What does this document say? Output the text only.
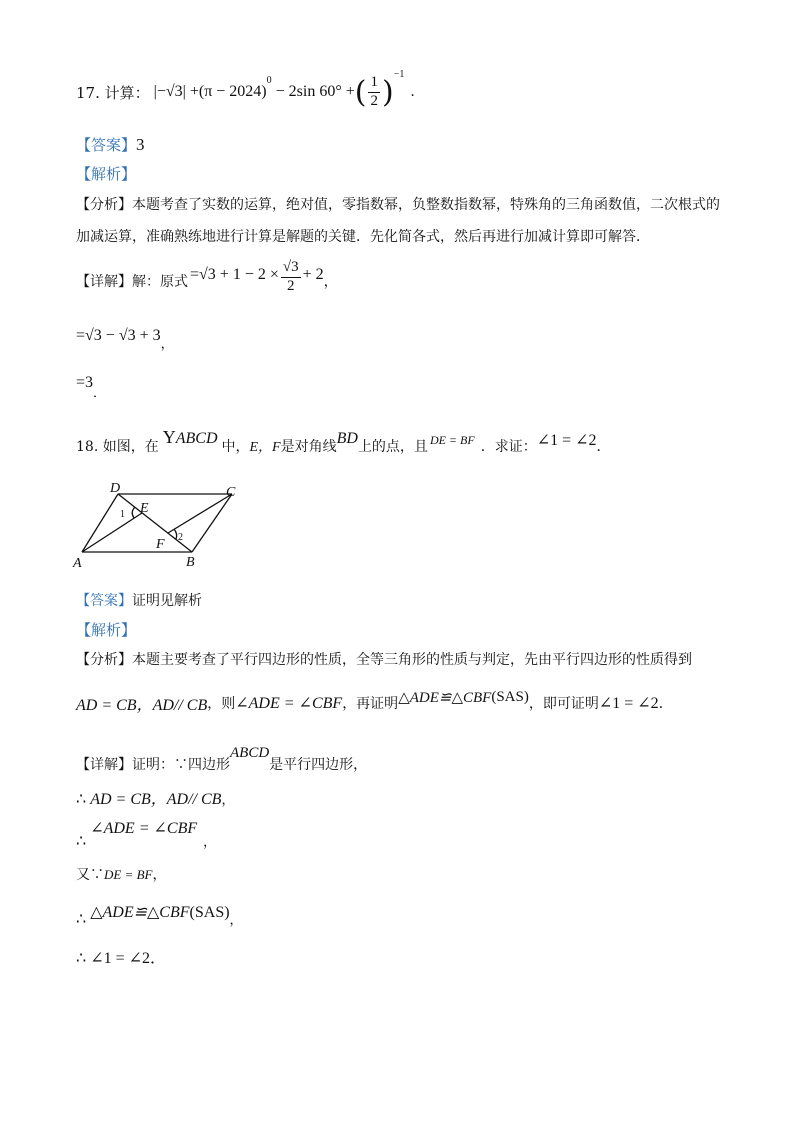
17. 计算： |−√3| +(π − 2024)
0
− 2sin 60° + ( $\frac{1}{2}$ )
−1
.
【答案】3
【解析】
【分析】本题考查了实数的运算，绝对值，零指数幂，负整数指数幂，特殊角的三角函数值，二次根式的
加减运算，准确熟练地进行计算是解题的关键．先化简各式，然后再进行加减计算即可解答．
【详解】 解：原式 $=√3 + 1 - 2 \times \frac{√3}{2} + 2$ ，
$=√3 - √3 + 3_,$
$=3_.$
18. 如图，在 Y ABCD 中， E，F 是对角线 BD 上的点，且 DE = BF ．求证： ∠1 = ∠2 ．
D	C
A	B
E
F
1
2
【答案】证明见解析
【解析】
【分析】本题主要考查了平行四边形的性质，全等三角形的性质与判定，先由平行四边形的性质得到
AD = CB，AD// CB ，则 ∠ADE = ∠CBF ，再证明 △ADE≌△CBF (SAS) ，即可证明 ∠1 = ∠2 ．
【详解】 证明：∵四边形
ABCD
是平行四边形，
∴ AD = CB，AD// CB，
∴
∠ADE = ∠CBF
，
又∵DE = BF，
∴ △ADE≌△CBF (SAS) ，
∴ ∠1 = ∠2．
